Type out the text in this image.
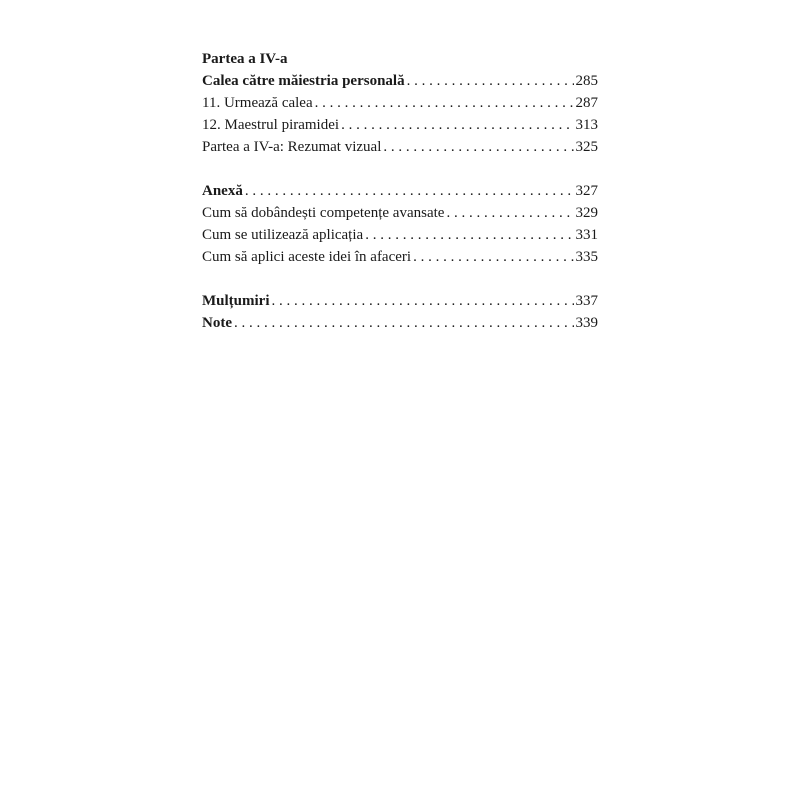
Partea a IV-a
Calea către măiestria personală . . .	285
11. Urmează calea . . .	287
12. Maestrul piramidei . . .	313
Partea a IV-a: Rezumat vizual . . .	325
Anexă . . .	327
Cum să dobândești competențe avansate . . .	329
Cum se utilizează aplicația . . .	331
Cum să aplici aceste idei în afaceri . . .	335
Mulțumiri . . .	337
Note . . .	339
